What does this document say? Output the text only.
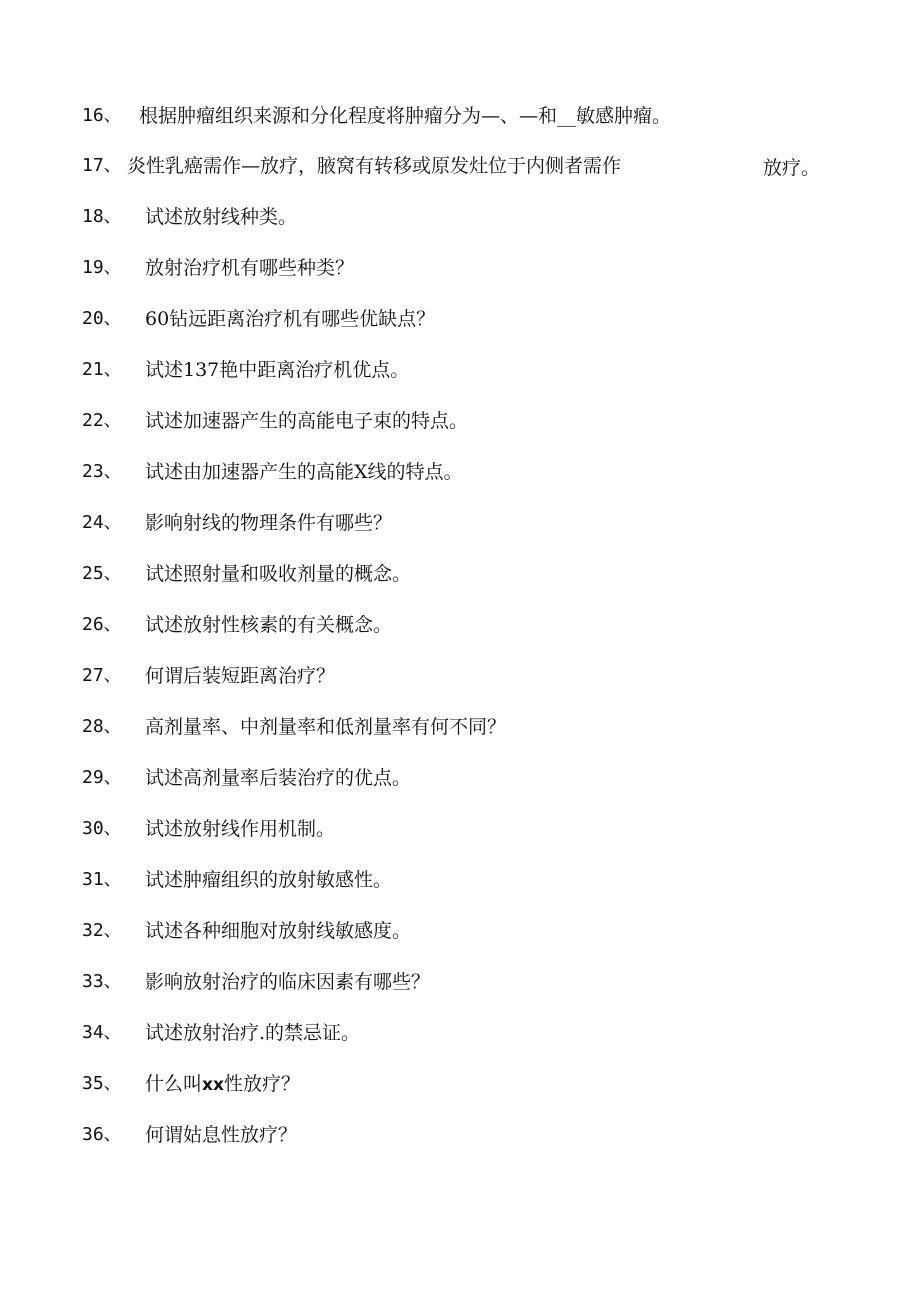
16、 根据肿瘤组织来源和分化程度将肿瘤分为—、—和__敏感肿瘤。
17、 炎性乳癌需作—放疗，腋窝有转移或原发灶位于内侧者需作	放疗。
18、 试述放射线种类。
19、 放射治疗机有哪些种类？
20、 60钻远距离治疗机有哪些优缺点？
21、 试述137艳中距离治疗机优点。
22、 试述加速器产生的高能电子束的特点。
23、 试述由加速器产生的高能X线的特点。
24、 影响射线的物理条件有哪些？
25、 试述照射量和吸收剂量的概念。
26、 试述放射性核素的有关概念。
27、 何谓后装短距离治疗？
28、 高剂量率、中剂量率和低剂量率有何不同？
29、 试述高剂量率后装治疗的优点。
30、 试述放射线作用机制。
31、 试述肿瘤组织的放射敏感性。
32、 试述各种细胞对放射线敏感度。
33、 影响放射治疗的临床因素有哪些？
34、 试述放射治疗.的禁忌证。
35、 什么叫xx性放疗？
36、 何谓姑息性放疗？
